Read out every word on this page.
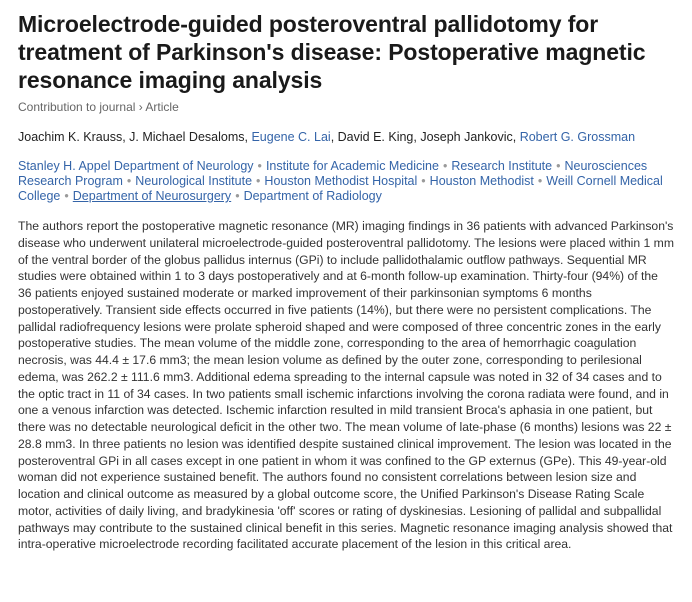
Microelectrode-guided posteroventral pallidotomy for treatment of Parkinson's disease: Postoperative magnetic resonance imaging analysis
Contribution to journal › Article
Joachim K. Krauss, J. Michael Desaloms, Eugene C. Lai, David E. King, Joseph Jankovic, Robert G. Grossman
Stanley H. Appel Department of Neurology • Institute for Academic Medicine • Research Institute • Neurosciences Research Program • Neurological Institute • Houston Methodist Hospital • Houston Methodist • Weill Cornell Medical College • Department of Neurosurgery • Department of Radiology
The authors report the postoperative magnetic resonance (MR) imaging findings in 36 patients with advanced Parkinson's disease who underwent unilateral microelectrode-guided posteroventral pallidotomy. The lesions were placed within 1 mm of the ventral border of the globus pallidus internus (GPi) to include pallidothalamic outflow pathways. Sequential MR studies were obtained within 1 to 3 days postoperatively and at 6-month follow-up examination. Thirty-four (94%) of the 36 patients enjoyed sustained moderate or marked improvement of their parkinsonian symptoms 6 months postoperatively. Transient side effects occurred in five patients (14%), but there were no persistent complications. The pallidal radiofrequency lesions were prolate spheroid shaped and were composed of three concentric zones in the early postoperative studies. The mean volume of the middle zone, corresponding to the area of hemorrhagic coagulation necrosis, was 44.4 ± 17.6 mm3; the mean lesion volume as defined by the outer zone, corresponding to perilesional edema, was 262.2 ± 111.6 mm3. Additional edema spreading to the internal capsule was noted in 32 of 34 cases and to the optic tract in 11 of 34 cases. In two patients small ischemic infarctions involving the corona radiata were found, and in one a venous infarction was detected. Ischemic infarction resulted in mild transient Broca's aphasia in one patient, but there was no detectable neurological deficit in the other two. The mean volume of late-phase (6 months) lesions was 22 ± 28.8 mm3. In three patients no lesion was identified despite sustained clinical improvement. The lesion was located in the posteroventral GPi in all cases except in one patient in whom it was confined to the GP externus (GPe). This 49-year-old woman did not experience sustained benefit. The authors found no consistent correlations between lesion size and location and clinical outcome as measured by a global outcome score, the Unified Parkinson's Disease Rating Scale motor, activities of daily living, and bradykinesia 'off' scores or rating of dyskinesias. Lesioning of pallidal and subpallidal pathways may contribute to the sustained clinical benefit in this series. Magnetic resonance imaging analysis showed that intra-operative microelectrode recording facilitated accurate placement of the lesion in this critical area.
